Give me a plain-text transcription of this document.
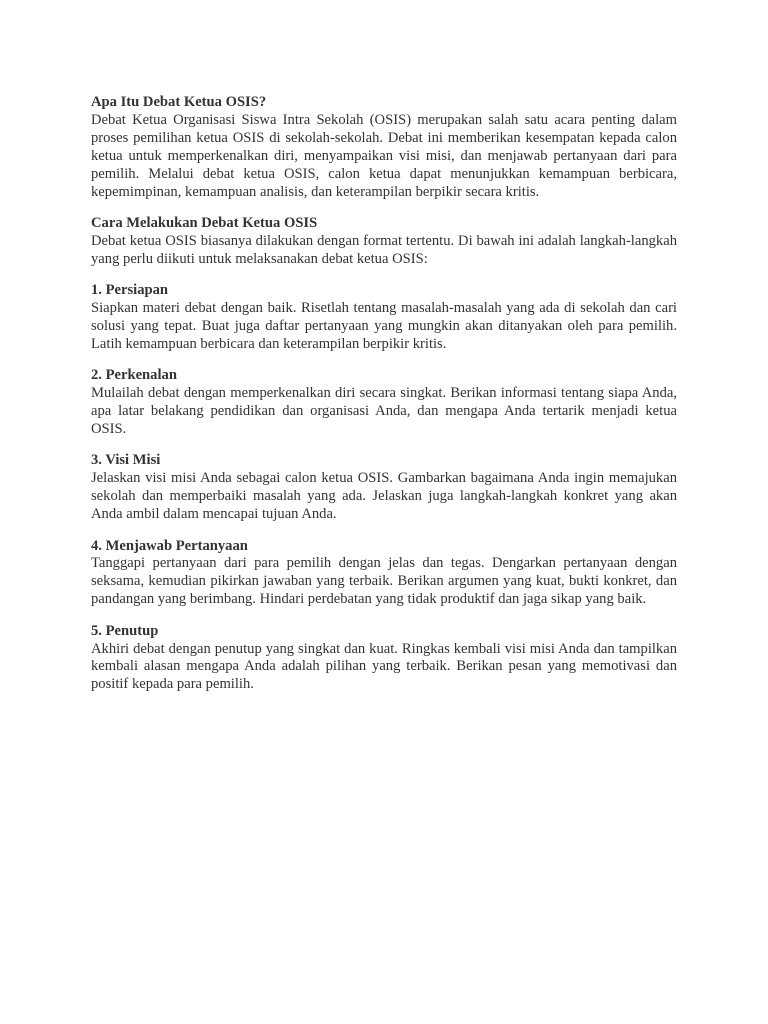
Apa Itu Debat Ketua OSIS?

Debat Ketua Organisasi Siswa Intra Sekolah (OSIS) merupakan salah satu acara penting dalam proses pemilihan ketua OSIS di sekolah-sekolah. Debat ini memberikan kesempatan kepada calon ketua untuk memperkenalkan diri, menyampaikan visi misi, dan menjawab pertanyaan dari para pemilih. Melalui debat ketua OSIS, calon ketua dapat menunjukkan kemampuan berbicara, kepemimpinan, kemampuan analisis, dan keterampilan berpikir secara kritis.

Cara Melakukan Debat Ketua OSIS

Debat ketua OSIS biasanya dilakukan dengan format tertentu. Di bawah ini adalah langkah-langkah yang perlu diikuti untuk melaksanakan debat ketua OSIS:

1. Persiapan

Siapkan materi debat dengan baik. Risetlah tentang masalah-masalah yang ada di sekolah dan cari solusi yang tepat. Buat juga daftar pertanyaan yang mungkin akan ditanyakan oleh para pemilih. Latih kemampuan berbicara dan keterampilan berpikir kritis.

2. Perkenalan

Mulailah debat dengan memperkenalkan diri secara singkat. Berikan informasi tentang siapa Anda, apa latar belakang pendidikan dan organisasi Anda, dan mengapa Anda tertarik menjadi ketua OSIS.

3. Visi Misi

Jelaskan visi misi Anda sebagai calon ketua OSIS. Gambarkan bagaimana Anda ingin memajukan sekolah dan memperbaiki masalah yang ada. Jelaskan juga langkah-langkah konkret yang akan Anda ambil dalam mencapai tujuan Anda.

4. Menjawab Pertanyaan

Tanggapi pertanyaan dari para pemilih dengan jelas dan tegas. Dengarkan pertanyaan dengan seksama, kemudian pikirkan jawaban yang terbaik. Berikan argumen yang kuat, bukti konkret, dan pandangan yang berimbang. Hindari perdebatan yang tidak produktif dan jaga sikap yang baik.

5. Penutup

Akhiri debat dengan penutup yang singkat dan kuat. Ringkas kembali visi misi Anda dan tampilkan kembali alasan mengapa Anda adalah pilihan yang terbaik. Berikan pesan yang memotivasi dan positif kepada para pemilih.
